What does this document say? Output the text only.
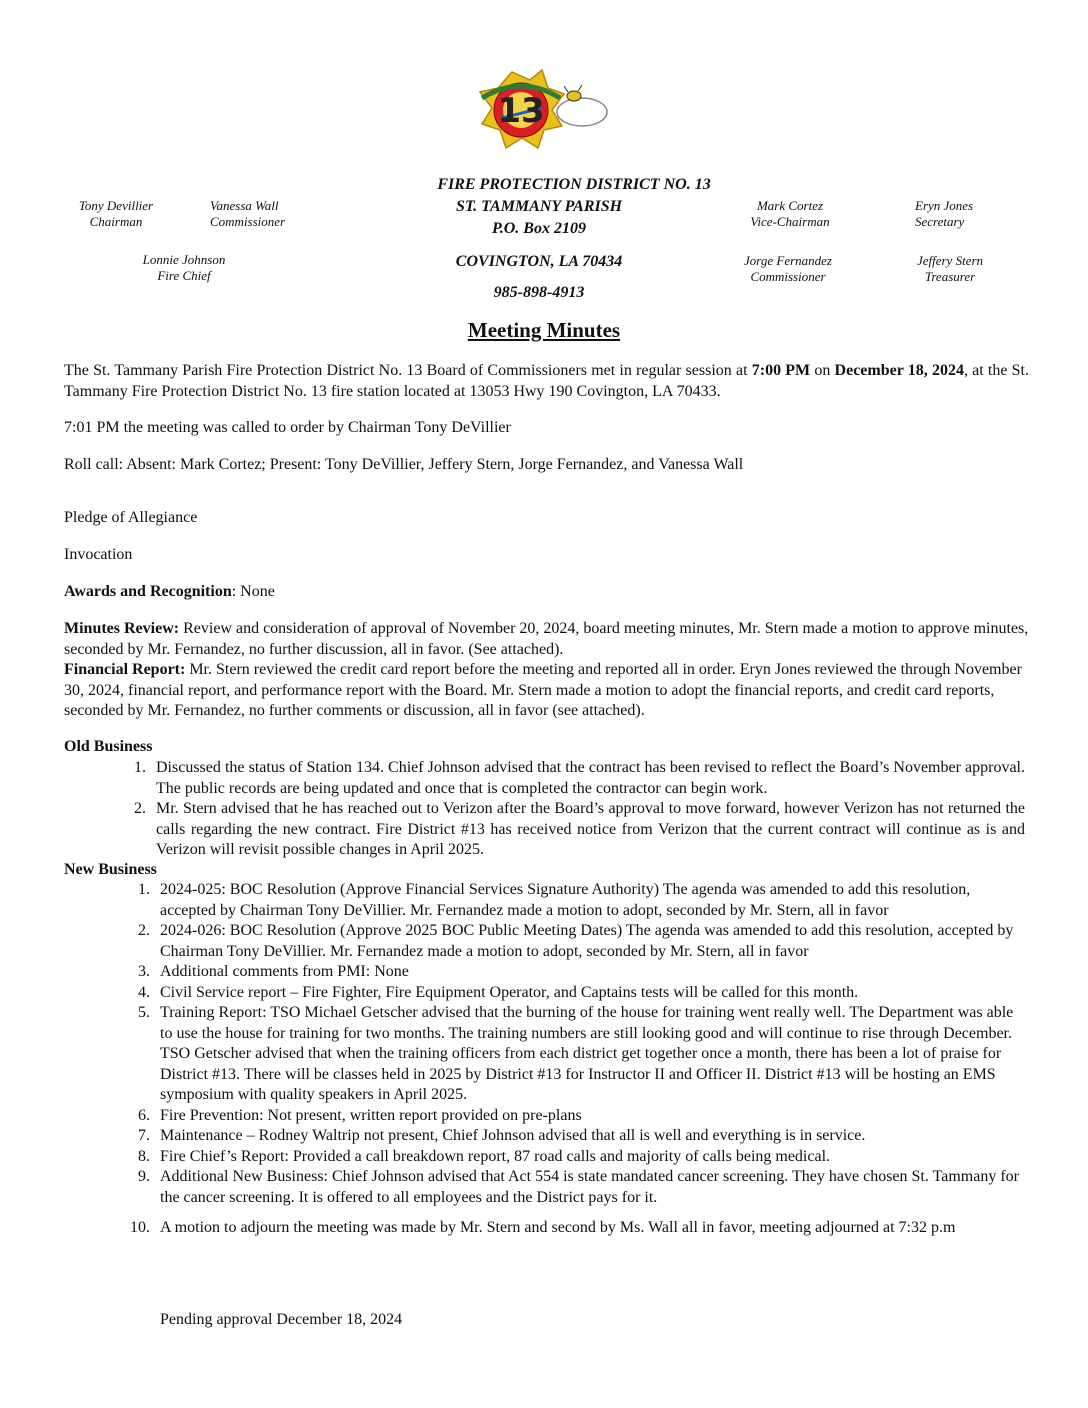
13
Tony Devillier
Chairman
Vanessa Wall
Commissioner
Lonnie Johnson
Fire Chief
FIRE PROTECTION DISTRICT NO. 13
ST. TAMMANY PARISH
P.O. Box 2109
COVINGTON, LA 70434
985-898-4913
Mark Cortez
Vice-Chairman
Eryn Jones
Secretary
Jorge Fernandez
Commissioner
Jeffery Stern
Treasurer
Meeting Minutes
The St. Tammany Parish Fire Protection District No. 13 Board of Commissioners met in regular session at 7:00 PM on December 18, 2024, at the St. Tammany Fire Protection District No. 13 fire station located at 13053 Hwy 190 Covington, LA 70433.
7:01 PM the meeting was called to order by Chairman Tony DeVillier
Roll call: Absent: Mark Cortez; Present: Tony DeVillier, Jeffery Stern, Jorge Fernandez, and Vanessa Wall
Pledge of Allegiance
Invocation
Awards and Recognition: None
Minutes Review: Review and consideration of approval of November 20, 2024, board meeting minutes, Mr. Stern made a motion to approve minutes, seconded by Mr. Fernandez, no further discussion, all in favor. (See attached).
Financial Report: Mr. Stern reviewed the credit card report before the meeting and reported all in order. Eryn Jones reviewed the through November 30, 2024, financial report, and performance report with the Board. Mr. Stern made a motion to adopt the financial reports, and credit card reports, seconded by Mr. Fernandez, no further comments or discussion, all in favor (see attached).
Old Business
1. Discussed the status of Station 134. Chief Johnson advised that the contract has been revised to reflect the Board’s November approval. The public records are being updated and once that is completed the contractor can begin work.
2. Mr. Stern advised that he has reached out to Verizon after the Board’s approval to move forward, however Verizon has not returned the calls regarding the new contract. Fire District #13 has received notice from Verizon that the current contract will continue as is and Verizon will revisit possible changes in April 2025.
New Business
1. 2024-025: BOC Resolution (Approve Financial Services Signature Authority) The agenda was amended to add this resolution, accepted by Chairman Tony DeVillier. Mr. Fernandez made a motion to adopt, seconded by Mr. Stern, all in favor
2. 2024-026: BOC Resolution (Approve 2025 BOC Public Meeting Dates) The agenda was amended to add this resolution, accepted by Chairman Tony DeVillier. Mr. Fernandez made a motion to adopt, seconded by Mr. Stern, all in favor
3. Additional comments from PMI: None
4. Civil Service report – Fire Fighter, Fire Equipment Operator, and Captains tests will be called for this month.
5. Training Report: TSO Michael Getscher advised that the burning of the house for training went really well. The Department was able to use the house for training for two months. The training numbers are still looking good and will continue to rise through December. TSO Getscher advised that when the training officers from each district get together once a month, there has been a lot of praise for District #13. There will be classes held in 2025 by District #13 for Instructor II and Officer II. District #13 will be hosting an EMS symposium with quality speakers in April 2025.
6. Fire Prevention: Not present, written report provided on pre-plans
7. Maintenance – Rodney Waltrip not present, Chief Johnson advised that all is well and everything is in service.
8. Fire Chief’s Report: Provided a call breakdown report, 87 road calls and majority of calls being medical.
9. Additional New Business: Chief Johnson advised that Act 554 is state mandated cancer screening. They have chosen St. Tammany for the cancer screening. It is offered to all employees and the District pays for it.
10. A motion to adjourn the meeting was made by Mr. Stern and second by Ms. Wall all in favor, meeting adjourned at 7:32 p.m
Pending approval December 18, 2024
